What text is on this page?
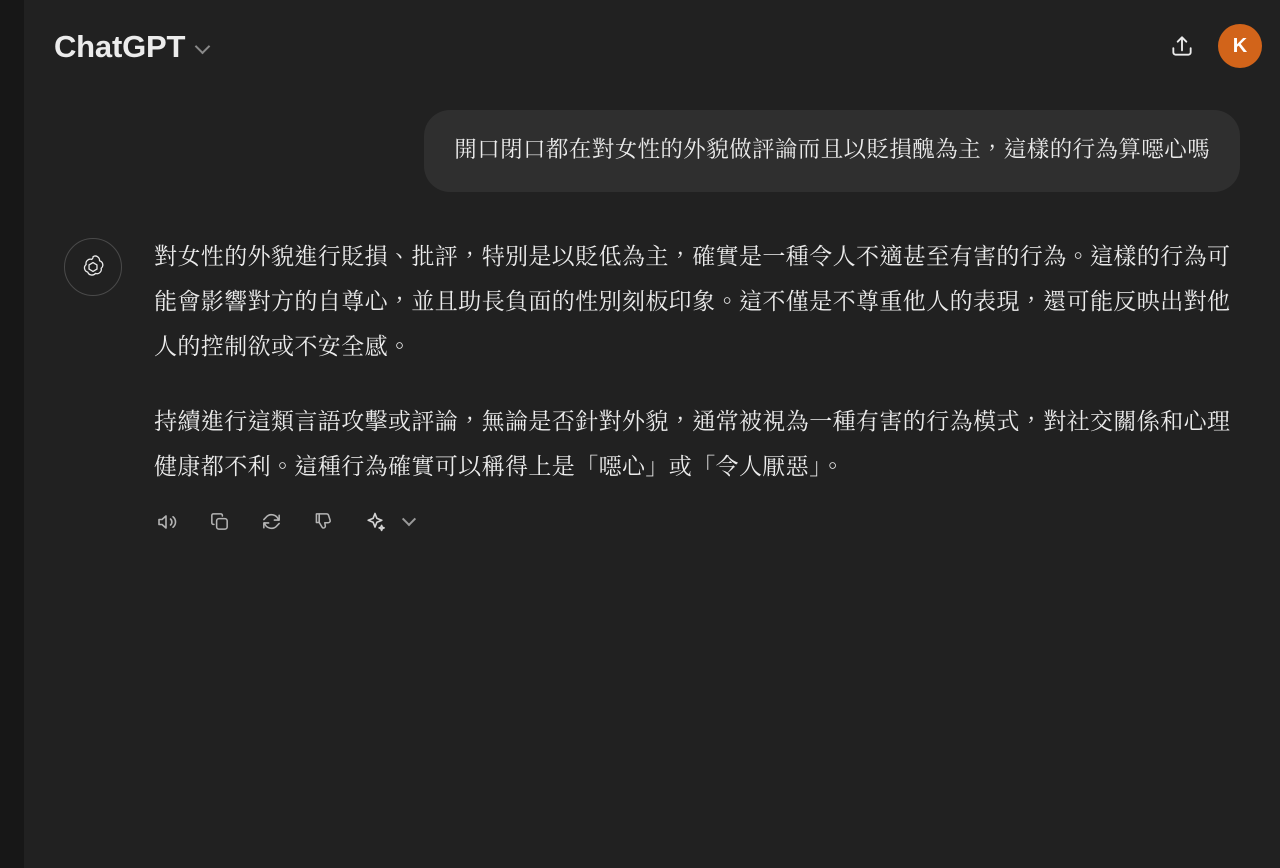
ChatGPT	K
開口閉口都在對女性的外貌做評論而且以貶損醜為主，這樣的行為算噁心嗎

對女性的外貌進行貶損、批評，特別是以貶低為主，確實是一種令人不適甚至有害的行為。這樣的行為可能會影響對方的自尊心，並且助長負面的性別刻板印象。這不僅是不尊重他人的表現，還可能反映出對他人的控制欲或不安全感。

持續進行這類言語攻擊或評論，無論是否針對外貌，通常被視為一種有害的行為模式，對社交關係和心理健康都不利。這種行為確實可以稱得上是「噁心」或「令人厭惡」。
